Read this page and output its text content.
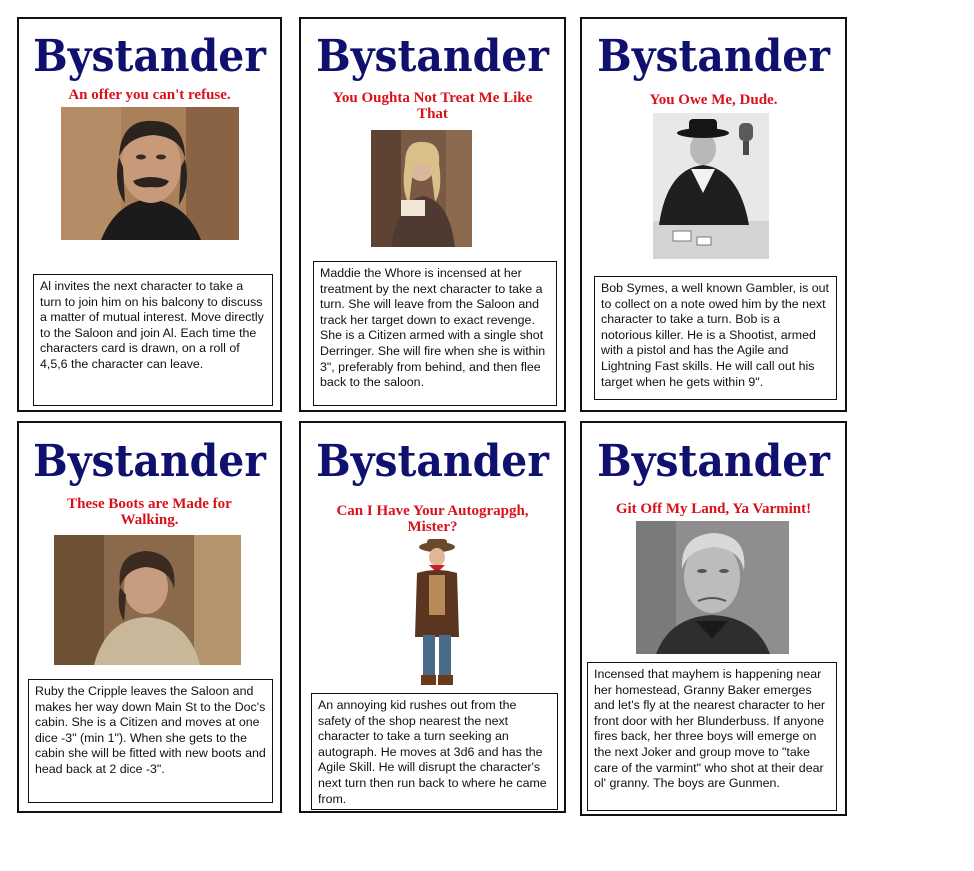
Bystander
An offer you can't refuse.
Al invites the next character to take a turn to join him on his balcony to discuss a matter of mutual interest. Move directly to the Saloon and join Al. Each time the characters card is drawn, on a roll of 4,5,6 the character can leave.
Bystander
You Oughta Not Treat Me Like That
Maddie the Whore is incensed at her treatment by the next character to take a turn. She will leave from the Saloon and track her target down to exact revenge. She is a Citizen armed with a single shot Derringer. She will fire when she is within 3", preferably from behind, and then flee back to the saloon.
Bystander
You Owe Me, Dude.
Bob Symes, a well known Gambler, is out to collect on a note owed him by the next character to take a turn. Bob is a notorious killer. He is a Shootist, armed with a pistol and has the Agile and Lightning Fast skills. He will call out his target when he gets within 9".
Bystander
These Boots are Made for Walking.
Ruby the Cripple leaves the Saloon and makes her way down Main St to the Doc's cabin. She is a Citizen and moves at one dice -3" (min 1"). When she gets to the cabin she will be fitted with new boots and head back at 2 dice -3".
Bystander
Can I Have Your Autograpgh, Mister?
An annoying kid rushes out from the safety of the shop nearest the next character to take a turn seeking an autograph. He moves at 3d6 and has the Agile Skill. He will disrupt the character's next turn then run back to where he came from.
Bystander
Git Off My Land, Ya Varmint!
Incensed that mayhem is happening near her homestead, Granny Baker emerges and let's fly at the nearest character to her front door with her Blunderbuss. If anyone fires back, her three boys will emerge on the next Joker and group move to "take care of the varmint" who shot at their dear ol' granny. The boys are Gunmen.
